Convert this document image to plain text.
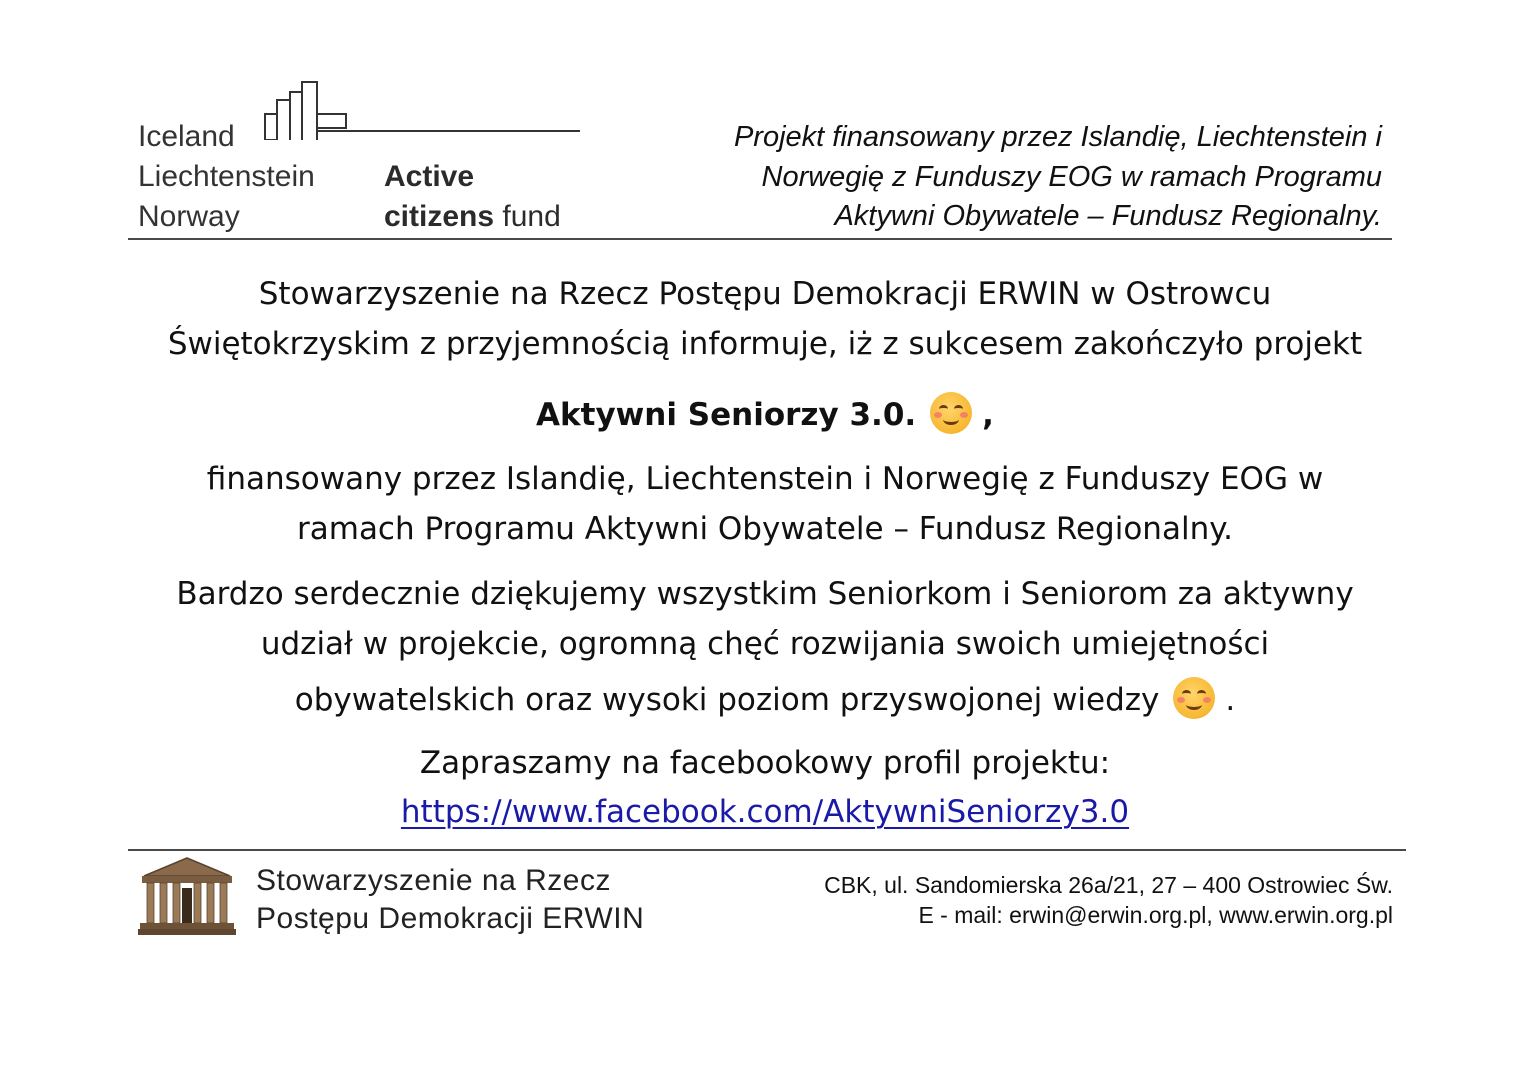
Iceland
Liechtenstein
Norway
Active
citizens fund
Projekt finansowany przez Islandię, Liechtenstein i
Norwegię z Funduszy EOG w ramach Programu
Aktywni Obywatele – Fundusz Regionalny.
Stowarzyszenie na Rzecz Postępu Demokracji ERWIN w Ostrowcu
Świętokrzyskim z przyjemnością informuje, iż z sukcesem zakończyło projekt
Aktywni Seniorzy 3.0. ,
finansowany przez Islandię, Liechtenstein i Norwegię z Funduszy EOG w
ramach Programu Aktywni Obywatele – Fundusz Regionalny.
Bardzo serdecznie dziękujemy wszystkim Seniorkom i Seniorom za aktywny
udział w projekcie, ogromną chęć rozwijania swoich umiejętności
obywatelskich oraz wysoki poziom przyswojonej wiedzy .
Zapraszamy na facebookowy profil projektu:
https://www.facebook.com/AktywniSeniorzy3.0
Stowarzyszenie na Rzecz
Postępu Demokracji ERWIN
CBK, ul. Sandomierska 26a/21, 27 – 400 Ostrowiec Św.
E - mail: erwin@erwin.org.pl, www.erwin.org.pl
